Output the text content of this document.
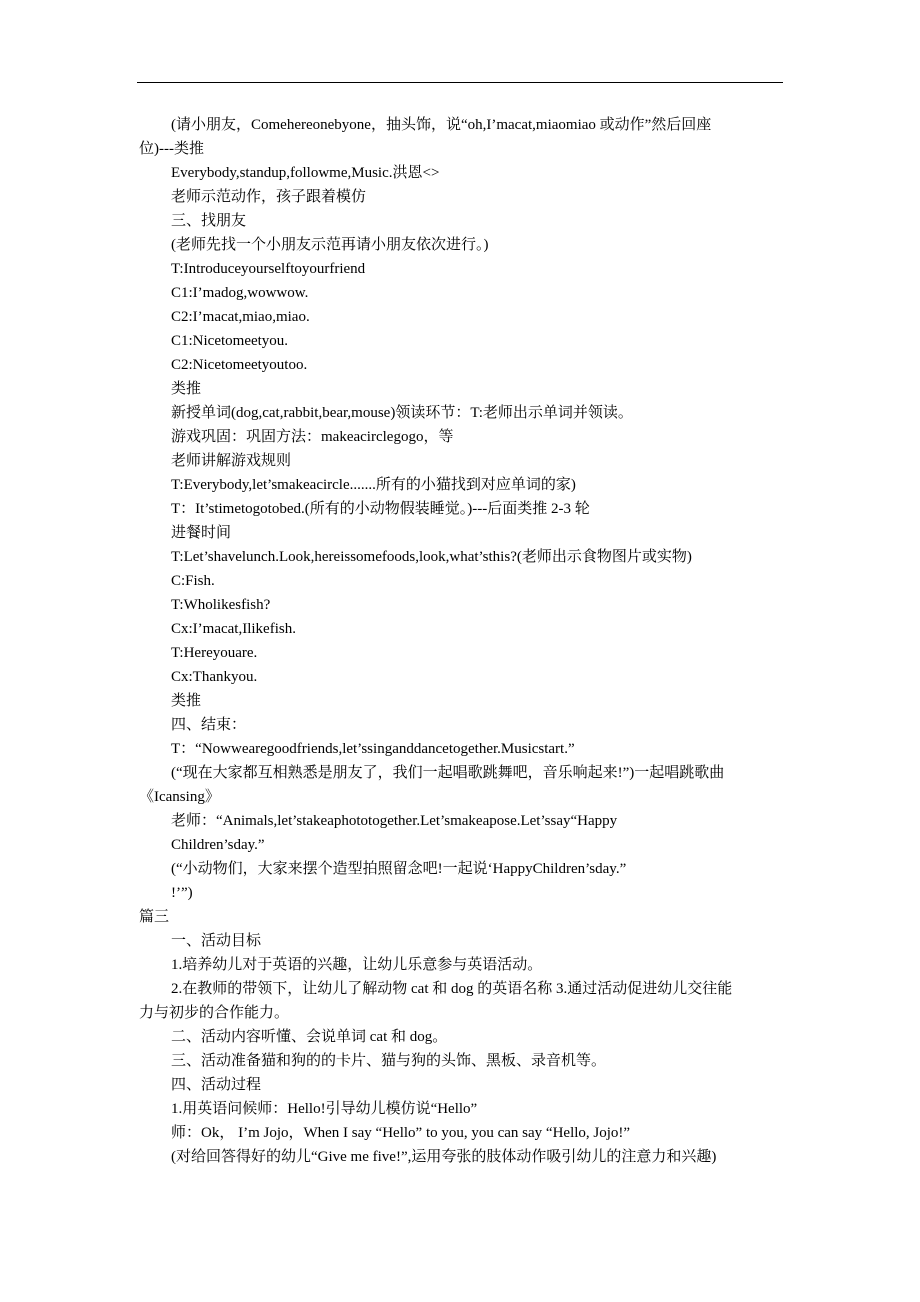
(请小朋友，Comehereonebyone，抽头饰，说“oh,I’macat,miaomiao 或动作”然后回座
位)---类推
Everybody,standup,followme,Music.洪恩<>
老师示范动作，孩子跟着模仿
三、找朋友
(老师先找一个小朋友示范再请小朋友依次进行。)
T:Introduceyourselftoyourfriend
C1:I’madog,wowwow.
C2:I’macat,miao,miao.
C1:Nicetomeetyou.
C2:Nicetomeetyoutoo.
类推
新授单词(dog,cat,rabbit,bear,mouse)领读环节：T:老师出示单词并领读。
游戏巩固：巩固方法：makeacirclegogo，等
老师讲解游戏规则
T:Everybody,let’smakeacircle.......所有的小猫找到对应单词的家)
T：It’stimetogotobed.(所有的小动物假装睡觉。)---后面类推 2-3 轮
进餐时间
T:Let’shavelunch.Look,hereissomefoods,look,what’sthis?(老师出示食物图片或实物)
C:Fish.
T:Wholikesfish?
Cx:I’macat,Ilikefish.
T:Hereyouare.
Cx:Thankyou.
类推
四、结束：
T：“Nowwearegoodfriends,let’ssinganddancetogether.Musicstart.”
(“现在大家都互相熟悉是朋友了，我们一起唱歌跳舞吧，音乐响起来!”)一起唱跳歌曲
《Icansing》
老师：“Animals,let’stakeaphototogether.Let’smakeapose.Let’ssay“Happy
Children’sday.”
(“小动物们，大家来摆个造型拍照留念吧!一起说‘HappyChildren’sday.”
!’”)
篇三
一、活动目标
1.培养幼儿对于英语的兴趣，让幼儿乐意参与英语活动。
2.在教师的带领下，让幼儿了解动物 cat 和 dog 的英语名称 3.通过活动促进幼儿交往能
力与初步的合作能力。
二、活动内容听懂、会说单词 cat 和 dog。
三、活动准备猫和狗的的卡片、猫与狗的头饰、黑板、录音机等。
四、活动过程
1.用英语问候师：Hello!引导幼儿模仿说“Hello”
师：Ok， I’m Jojo，When I say “Hello” to you, you can say “Hello, Jojo!”
(对给回答得好的幼儿“Give me five!”,运用夸张的肢体动作吸引幼儿的注意力和兴趣)
